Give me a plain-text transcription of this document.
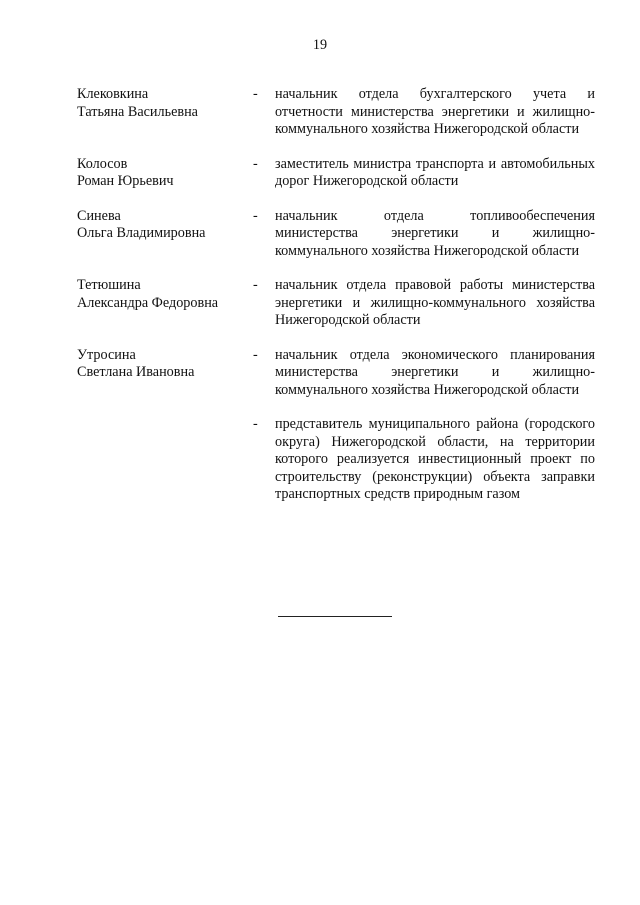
19
Клековкина
Татьяна Васильевна
- начальник отдела бухгалтерского учета и отчетности министерства энергетики и жилищно-коммунального хозяйства Нижегородской области
Колосов
Роман Юрьевич
- заместитель министра транспорта и автомобильных дорог Нижегородской области
Синева
Ольга Владимировна
- начальник отдела топливообеспечения министерства энергетики и жилищно-коммунального хозяйства Нижегородской области
Тетюшина
Александра Федоровна
- начальник отдела правовой работы министерства энергетики и жилищно-коммунального хозяйства Нижегородской области
Утросина
Светлана Ивановна
- начальник отдела экономического планирования министерства энергетики и жилищно-коммунального хозяйства Нижегородской области
- представитель муниципального района (городского округа) Нижегородской области, на территории которого реализуется инвестиционный проект по строительству (реконструкции) объекта заправки транспортных средств природным газом
